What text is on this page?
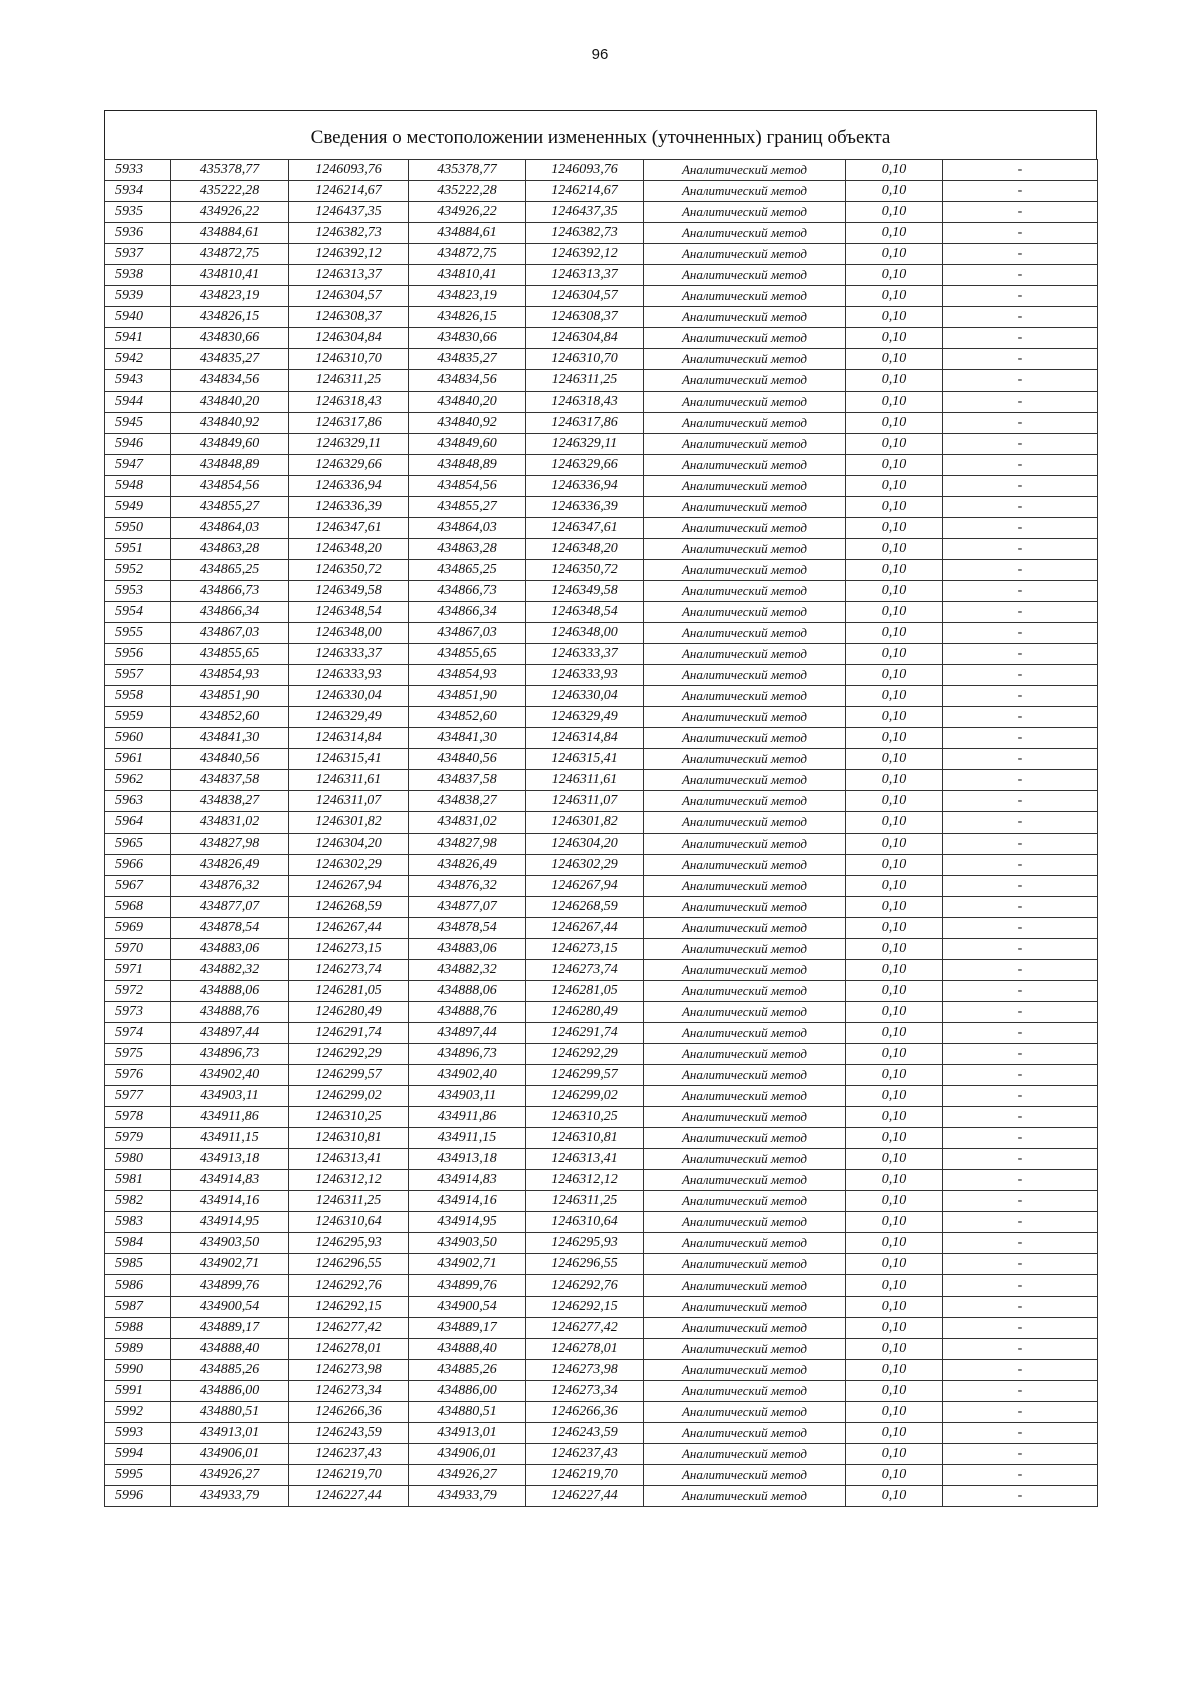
96
Сведения о местоположении измененных (уточненных) границ объекта
5933	435378,77	1246093,76	435378,77	1246093,76	Аналитический метод	0,10	-
5934	435222,28	1246214,67	435222,28	1246214,67	Аналитический метод	0,10	-
5935	434926,22	1246437,35	434926,22	1246437,35	Аналитический метод	0,10	-
5936	434884,61	1246382,73	434884,61	1246382,73	Аналитический метод	0,10	-
5937	434872,75	1246392,12	434872,75	1246392,12	Аналитический метод	0,10	-
5938	434810,41	1246313,37	434810,41	1246313,37	Аналитический метод	0,10	-
5939	434823,19	1246304,57	434823,19	1246304,57	Аналитический метод	0,10	-
5940	434826,15	1246308,37	434826,15	1246308,37	Аналитический метод	0,10	-
5941	434830,66	1246304,84	434830,66	1246304,84	Аналитический метод	0,10	-
5942	434835,27	1246310,70	434835,27	1246310,70	Аналитический метод	0,10	-
5943	434834,56	1246311,25	434834,56	1246311,25	Аналитический метод	0,10	-
5944	434840,20	1246318,43	434840,20	1246318,43	Аналитический метод	0,10	-
5945	434840,92	1246317,86	434840,92	1246317,86	Аналитический метод	0,10	-
5946	434849,60	1246329,11	434849,60	1246329,11	Аналитический метод	0,10	-
5947	434848,89	1246329,66	434848,89	1246329,66	Аналитический метод	0,10	-
5948	434854,56	1246336,94	434854,56	1246336,94	Аналитический метод	0,10	-
5949	434855,27	1246336,39	434855,27	1246336,39	Аналитический метод	0,10	-
5950	434864,03	1246347,61	434864,03	1246347,61	Аналитический метод	0,10	-
5951	434863,28	1246348,20	434863,28	1246348,20	Аналитический метод	0,10	-
5952	434865,25	1246350,72	434865,25	1246350,72	Аналитический метод	0,10	-
5953	434866,73	1246349,58	434866,73	1246349,58	Аналитический метод	0,10	-
5954	434866,34	1246348,54	434866,34	1246348,54	Аналитический метод	0,10	-
5955	434867,03	1246348,00	434867,03	1246348,00	Аналитический метод	0,10	-
5956	434855,65	1246333,37	434855,65	1246333,37	Аналитический метод	0,10	-
5957	434854,93	1246333,93	434854,93	1246333,93	Аналитический метод	0,10	-
5958	434851,90	1246330,04	434851,90	1246330,04	Аналитический метод	0,10	-
5959	434852,60	1246329,49	434852,60	1246329,49	Аналитический метод	0,10	-
5960	434841,30	1246314,84	434841,30	1246314,84	Аналитический метод	0,10	-
5961	434840,56	1246315,41	434840,56	1246315,41	Аналитический метод	0,10	-
5962	434837,58	1246311,61	434837,58	1246311,61	Аналитический метод	0,10	-
5963	434838,27	1246311,07	434838,27	1246311,07	Аналитический метод	0,10	-
5964	434831,02	1246301,82	434831,02	1246301,82	Аналитический метод	0,10	-
5965	434827,98	1246304,20	434827,98	1246304,20	Аналитический метод	0,10	-
5966	434826,49	1246302,29	434826,49	1246302,29	Аналитический метод	0,10	-
5967	434876,32	1246267,94	434876,32	1246267,94	Аналитический метод	0,10	-
5968	434877,07	1246268,59	434877,07	1246268,59	Аналитический метод	0,10	-
5969	434878,54	1246267,44	434878,54	1246267,44	Аналитический метод	0,10	-
5970	434883,06	1246273,15	434883,06	1246273,15	Аналитический метод	0,10	-
5971	434882,32	1246273,74	434882,32	1246273,74	Аналитический метод	0,10	-
5972	434888,06	1246281,05	434888,06	1246281,05	Аналитический метод	0,10	-
5973	434888,76	1246280,49	434888,76	1246280,49	Аналитический метод	0,10	-
5974	434897,44	1246291,74	434897,44	1246291,74	Аналитический метод	0,10	-
5975	434896,73	1246292,29	434896,73	1246292,29	Аналитический метод	0,10	-
5976	434902,40	1246299,57	434902,40	1246299,57	Аналитический метод	0,10	-
5977	434903,11	1246299,02	434903,11	1246299,02	Аналитический метод	0,10	-
5978	434911,86	1246310,25	434911,86	1246310,25	Аналитический метод	0,10	-
5979	434911,15	1246310,81	434911,15	1246310,81	Аналитический метод	0,10	-
5980	434913,18	1246313,41	434913,18	1246313,41	Аналитический метод	0,10	-
5981	434914,83	1246312,12	434914,83	1246312,12	Аналитический метод	0,10	-
5982	434914,16	1246311,25	434914,16	1246311,25	Аналитический метод	0,10	-
5983	434914,95	1246310,64	434914,95	1246310,64	Аналитический метод	0,10	-
5984	434903,50	1246295,93	434903,50	1246295,93	Аналитический метод	0,10	-
5985	434902,71	1246296,55	434902,71	1246296,55	Аналитический метод	0,10	-
5986	434899,76	1246292,76	434899,76	1246292,76	Аналитический метод	0,10	-
5987	434900,54	1246292,15	434900,54	1246292,15	Аналитический метод	0,10	-
5988	434889,17	1246277,42	434889,17	1246277,42	Аналитический метод	0,10	-
5989	434888,40	1246278,01	434888,40	1246278,01	Аналитический метод	0,10	-
5990	434885,26	1246273,98	434885,26	1246273,98	Аналитический метод	0,10	-
5991	434886,00	1246273,34	434886,00	1246273,34	Аналитический метод	0,10	-
5992	434880,51	1246266,36	434880,51	1246266,36	Аналитический метод	0,10	-
5993	434913,01	1246243,59	434913,01	1246243,59	Аналитический метод	0,10	-
5994	434906,01	1246237,43	434906,01	1246237,43	Аналитический метод	0,10	-
5995	434926,27	1246219,70	434926,27	1246219,70	Аналитический метод	0,10	-
5996	434933,79	1246227,44	434933,79	1246227,44	Аналитический метод	0,10	-
